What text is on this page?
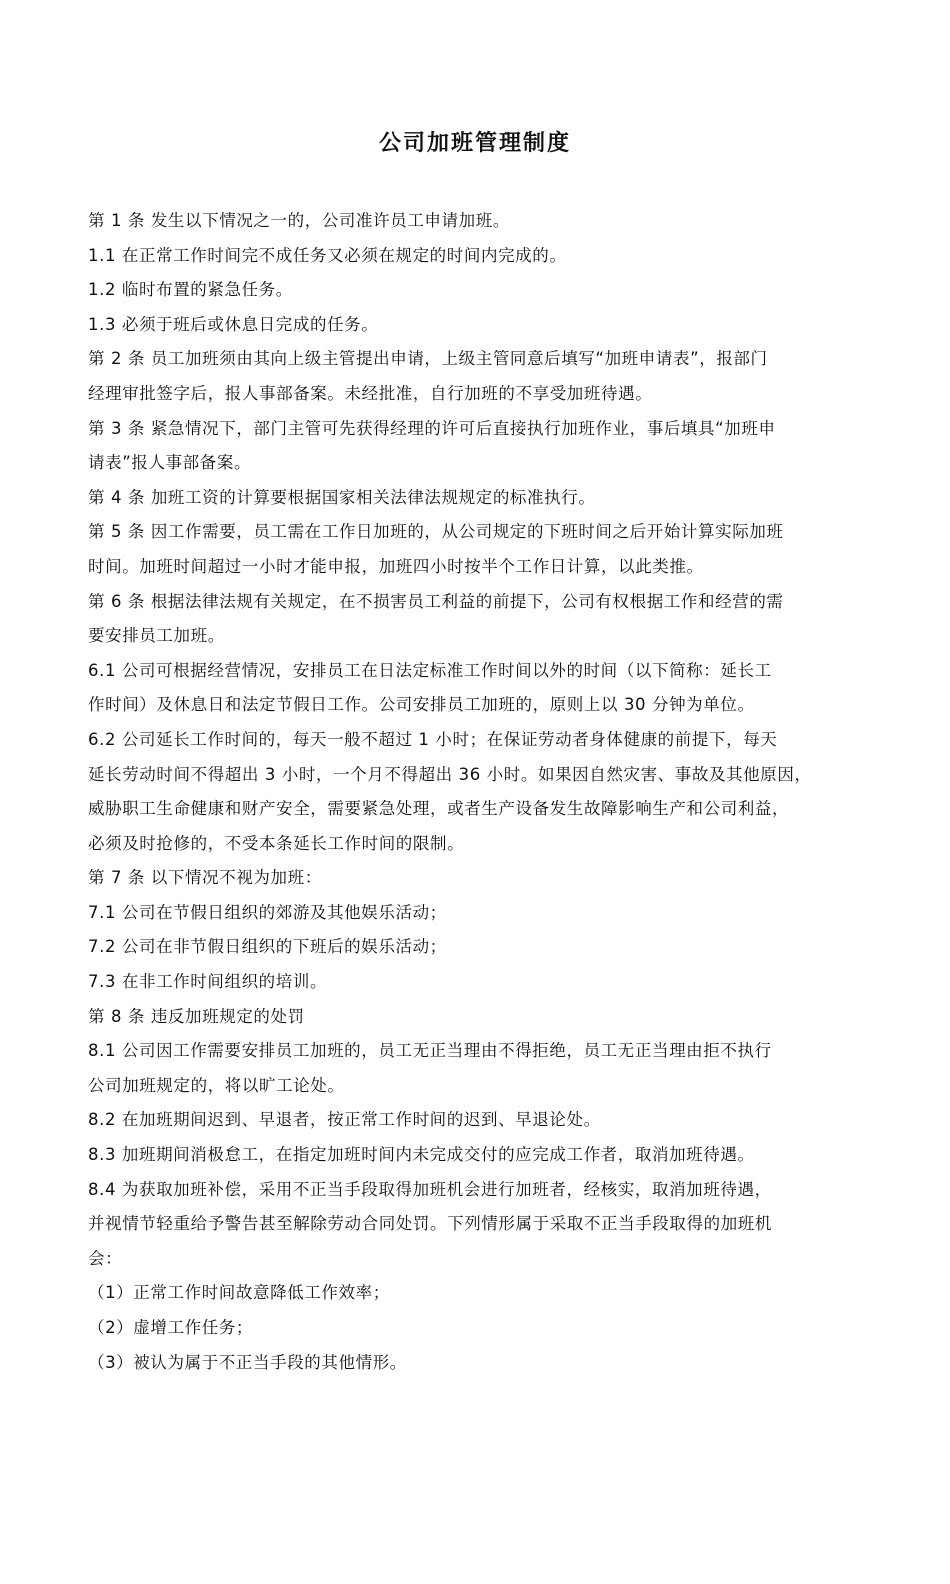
公司加班管理制度
第 1 条 发生以下情况之一的，公司准许员工申请加班。
1.1 在正常工作时间完不成任务又必须在规定的时间内完成的。
1.2 临时布置的紧急任务。
1.3 必须于班后或休息日完成的任务。
第 2 条 员工加班须由其向上级主管提出申请，上级主管同意后填写“加班申请表”，报部门
经理审批签字后，报人事部备案。未经批准，自行加班的不享受加班待遇。
第 3 条 紧急情况下，部门主管可先获得经理的许可后直接执行加班作业，事后填具“加班申
请表”报人事部备案。
第 4 条 加班工资的计算要根据国家相关法律法规规定的标准执行。
第 5 条 因工作需要，员工需在工作日加班的，从公司规定的下班时间之后开始计算实际加班
时间。加班时间超过一小时才能申报，加班四小时按半个工作日计算，以此类推。
第 6 条 根据法律法规有关规定，在不损害员工利益的前提下，公司有权根据工作和经营的需
要安排员工加班。
6.1 公司可根据经营情况，安排员工在日法定标准工作时间以外的时间（以下简称：延长工
作时间）及休息日和法定节假日工作。公司安排员工加班的，原则上以 30 分钟为单位。
6.2 公司延长工作时间的，每天一般不超过 1 小时；在保证劳动者身体健康的前提下，每天
延长劳动时间不得超出 3 小时，一个月不得超出 36 小时。如果因自然灾害、事故及其他原因，
威胁职工生命健康和财产安全，需要紧急处理，或者生产设备发生故障影响生产和公司利益，
必须及时抢修的，不受本条延长工作时间的限制。
第 7 条 以下情况不视为加班：
7.1 公司在节假日组织的郊游及其他娱乐活动；
7.2 公司在非节假日组织的下班后的娱乐活动；
7.3 在非工作时间组织的培训。
第 8 条 违反加班规定的处罚
8.1 公司因工作需要安排员工加班的，员工无正当理由不得拒绝，员工无正当理由拒不执行
公司加班规定的，将以旷工论处。
8.2 在加班期间迟到、早退者，按正常工作时间的迟到、早退论处。
8.3 加班期间消极怠工，在指定加班时间内未完成交付的应完成工作者，取消加班待遇。
8.4 为获取加班补偿，采用不正当手段取得加班机会进行加班者，经核实，取消加班待遇，
并视情节轻重给予警告甚至解除劳动合同处罚。下列情形属于采取不正当手段取得的加班机
会：
（1）正常工作时间故意降低工作效率；
（2）虚增工作任务；
（3）被认为属于不正当手段的其他情形。
